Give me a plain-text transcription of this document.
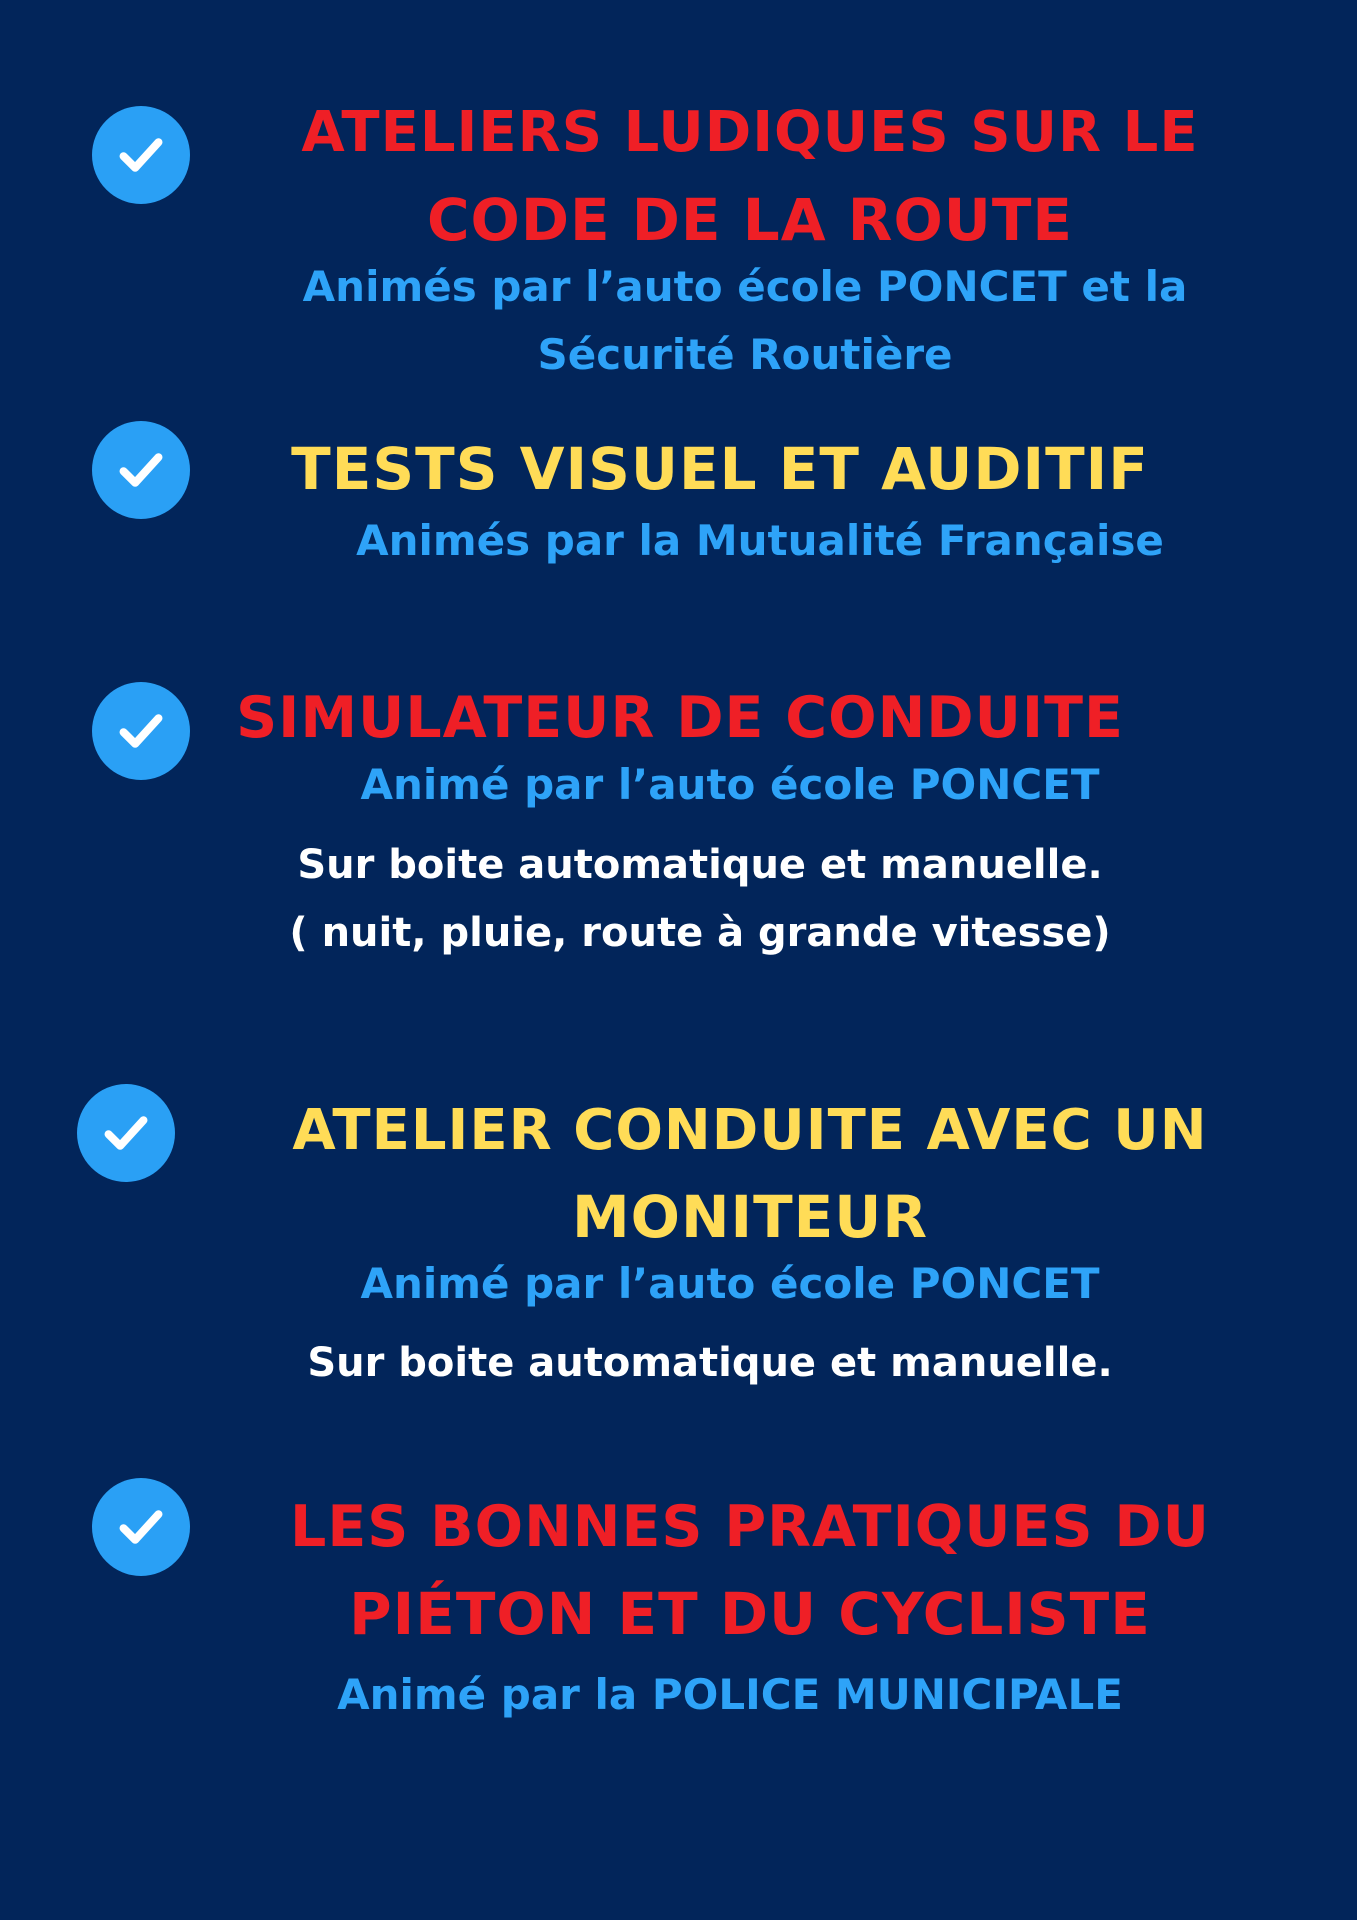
ATELIERS LUDIQUES SUR LE
CODE DE LA ROUTE
Animés par l’auto école PONCET et la
Sécurité Routière
TESTS VISUEL ET AUDITIF
Animés par la Mutualité Française
SIMULATEUR DE CONDUITE
Animé par l’auto école PONCET
Sur boite automatique et manuelle.
( nuit, pluie, route à grande vitesse)
ATELIER CONDUITE AVEC UN
MONITEUR
Animé par l’auto école PONCET
Sur boite automatique et manuelle.
LES BONNES PRATIQUES DU
PIÉTON ET DU CYCLISTE
Animé par la POLICE MUNICIPALE
